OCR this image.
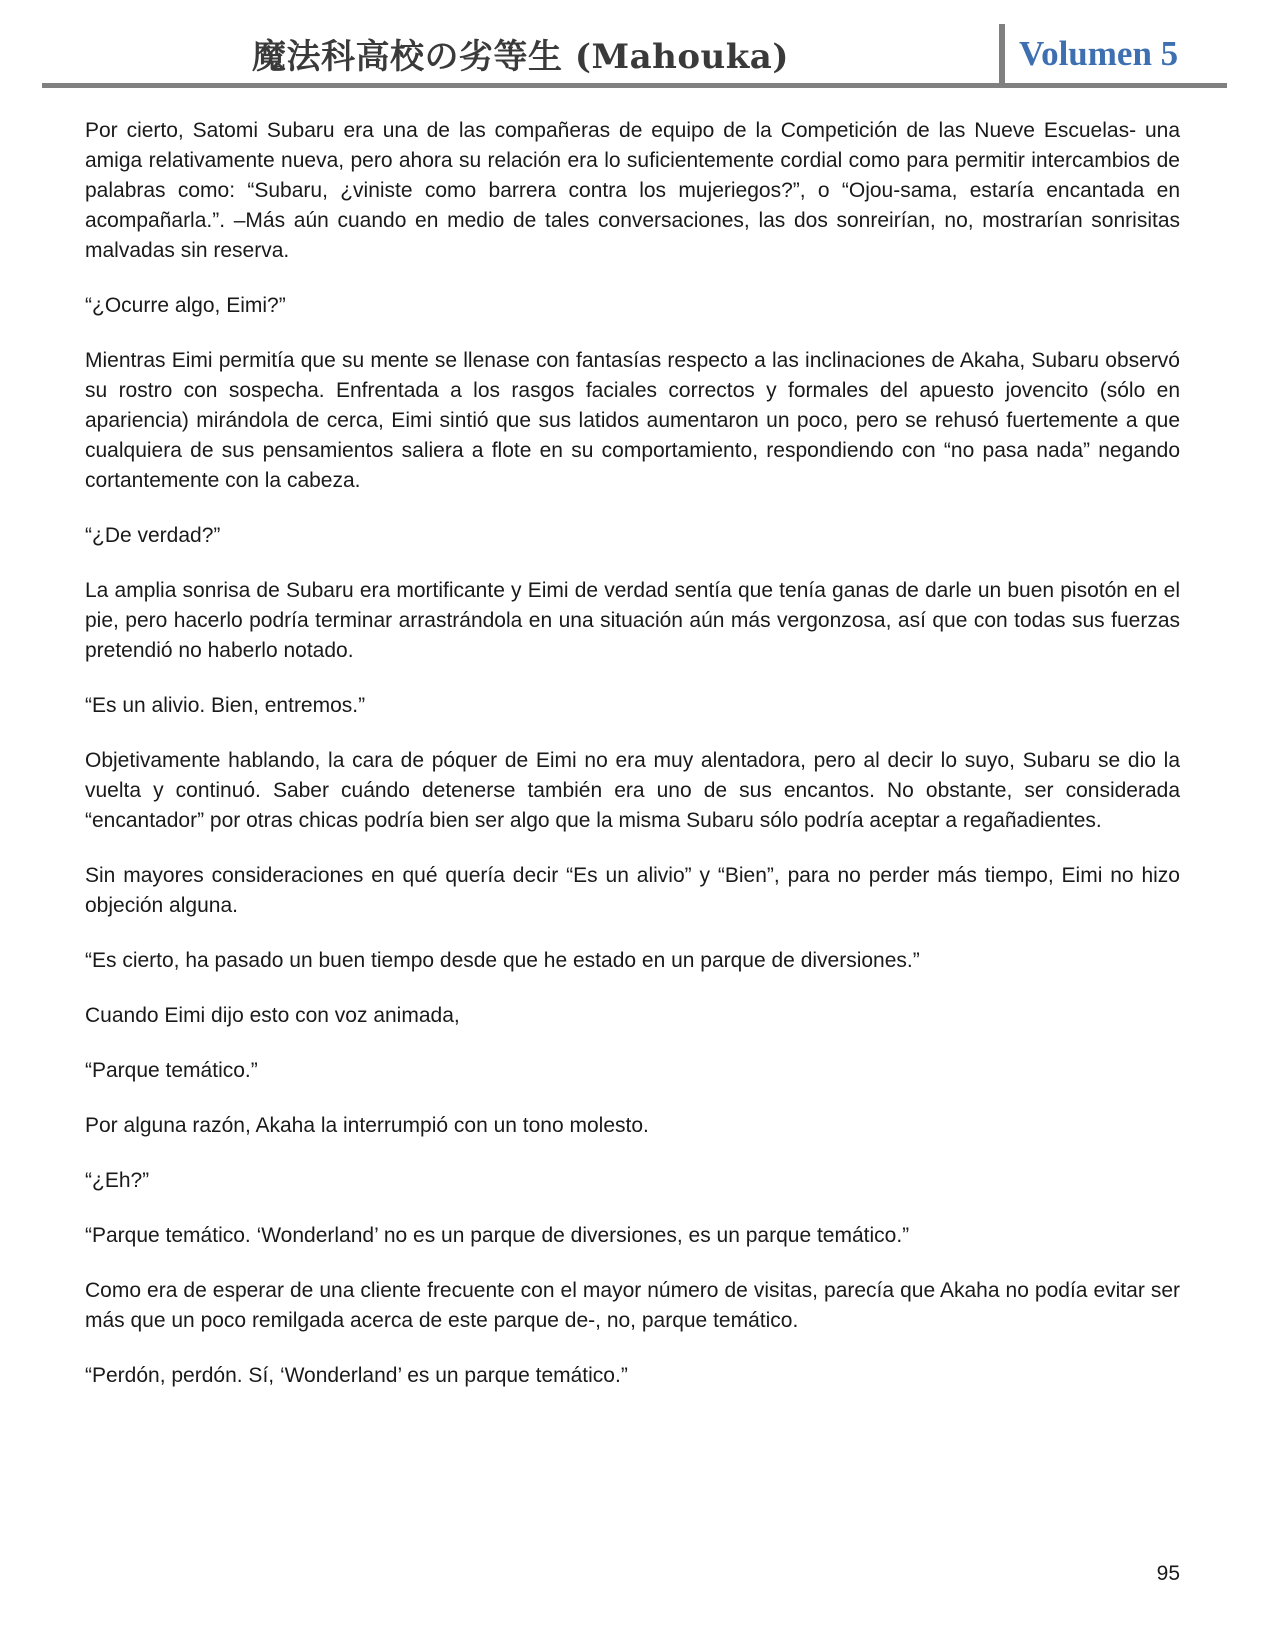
魔法科高校の劣等生 (Mahouka)	Volumen 5

Por cierto, Satomi Subaru era una de las compañeras de equipo de la Competición de las Nueve Escuelas- una amiga relativamente nueva, pero ahora su relación era lo suficientemente cordial como para permitir intercambios de palabras como: “Subaru, ¿viniste como barrera contra los mujeriegos?”, o “Ojou-sama, estaría encantada en acompañarla.”. –Más aún cuando en medio de tales conversaciones, las dos sonreirían, no, mostrarían sonrisitas malvadas sin reserva.

“¿Ocurre algo, Eimi?”

Mientras Eimi permitía que su mente se llenase con fantasías respecto a las inclinaciones de Akaha, Subaru observó su rostro con sospecha. Enfrentada a los rasgos faciales correctos y formales del apuesto jovencito (sólo en apariencia) mirándola de cerca, Eimi sintió que sus latidos aumentaron un poco, pero se rehusó fuertemente a que cualquiera de sus pensamientos saliera a flote en su comportamiento, respondiendo con “no pasa nada” negando cortantemente con la cabeza.

“¿De verdad?”

La amplia sonrisa de Subaru era mortificante y Eimi de verdad sentía que tenía ganas de darle un buen pisotón en el pie, pero hacerlo podría terminar arrastrándola en una situación aún más vergonzosa, así que con todas sus fuerzas pretendió no haberlo notado.

“Es un alivio. Bien, entremos.”

Objetivamente hablando, la cara de póquer de Eimi no era muy alentadora, pero al decir lo suyo, Subaru se dio la vuelta y continuó. Saber cuándo detenerse también era uno de sus encantos. No obstante, ser considerada “encantador” por otras chicas podría bien ser algo que la misma Subaru sólo podría aceptar a regañadientes.

Sin mayores consideraciones en qué quería decir “Es un alivio” y “Bien”, para no perder más tiempo, Eimi no hizo objeción alguna.

“Es cierto, ha pasado un buen tiempo desde que he estado en un parque de diversiones.”

Cuando Eimi dijo esto con voz animada,

“Parque temático.”

Por alguna razón, Akaha la interrumpió con un tono molesto.

“¿Eh?”

“Parque temático. ‘Wonderland’ no es un parque de diversiones, es un parque temático.”

Como era de esperar de una cliente frecuente con el mayor número de visitas, parecía que Akaha no podía evitar ser más que un poco remilgada acerca de este parque de-, no, parque temático.

“Perdón, perdón. Sí, ‘Wonderland’ es un parque temático.”

95
